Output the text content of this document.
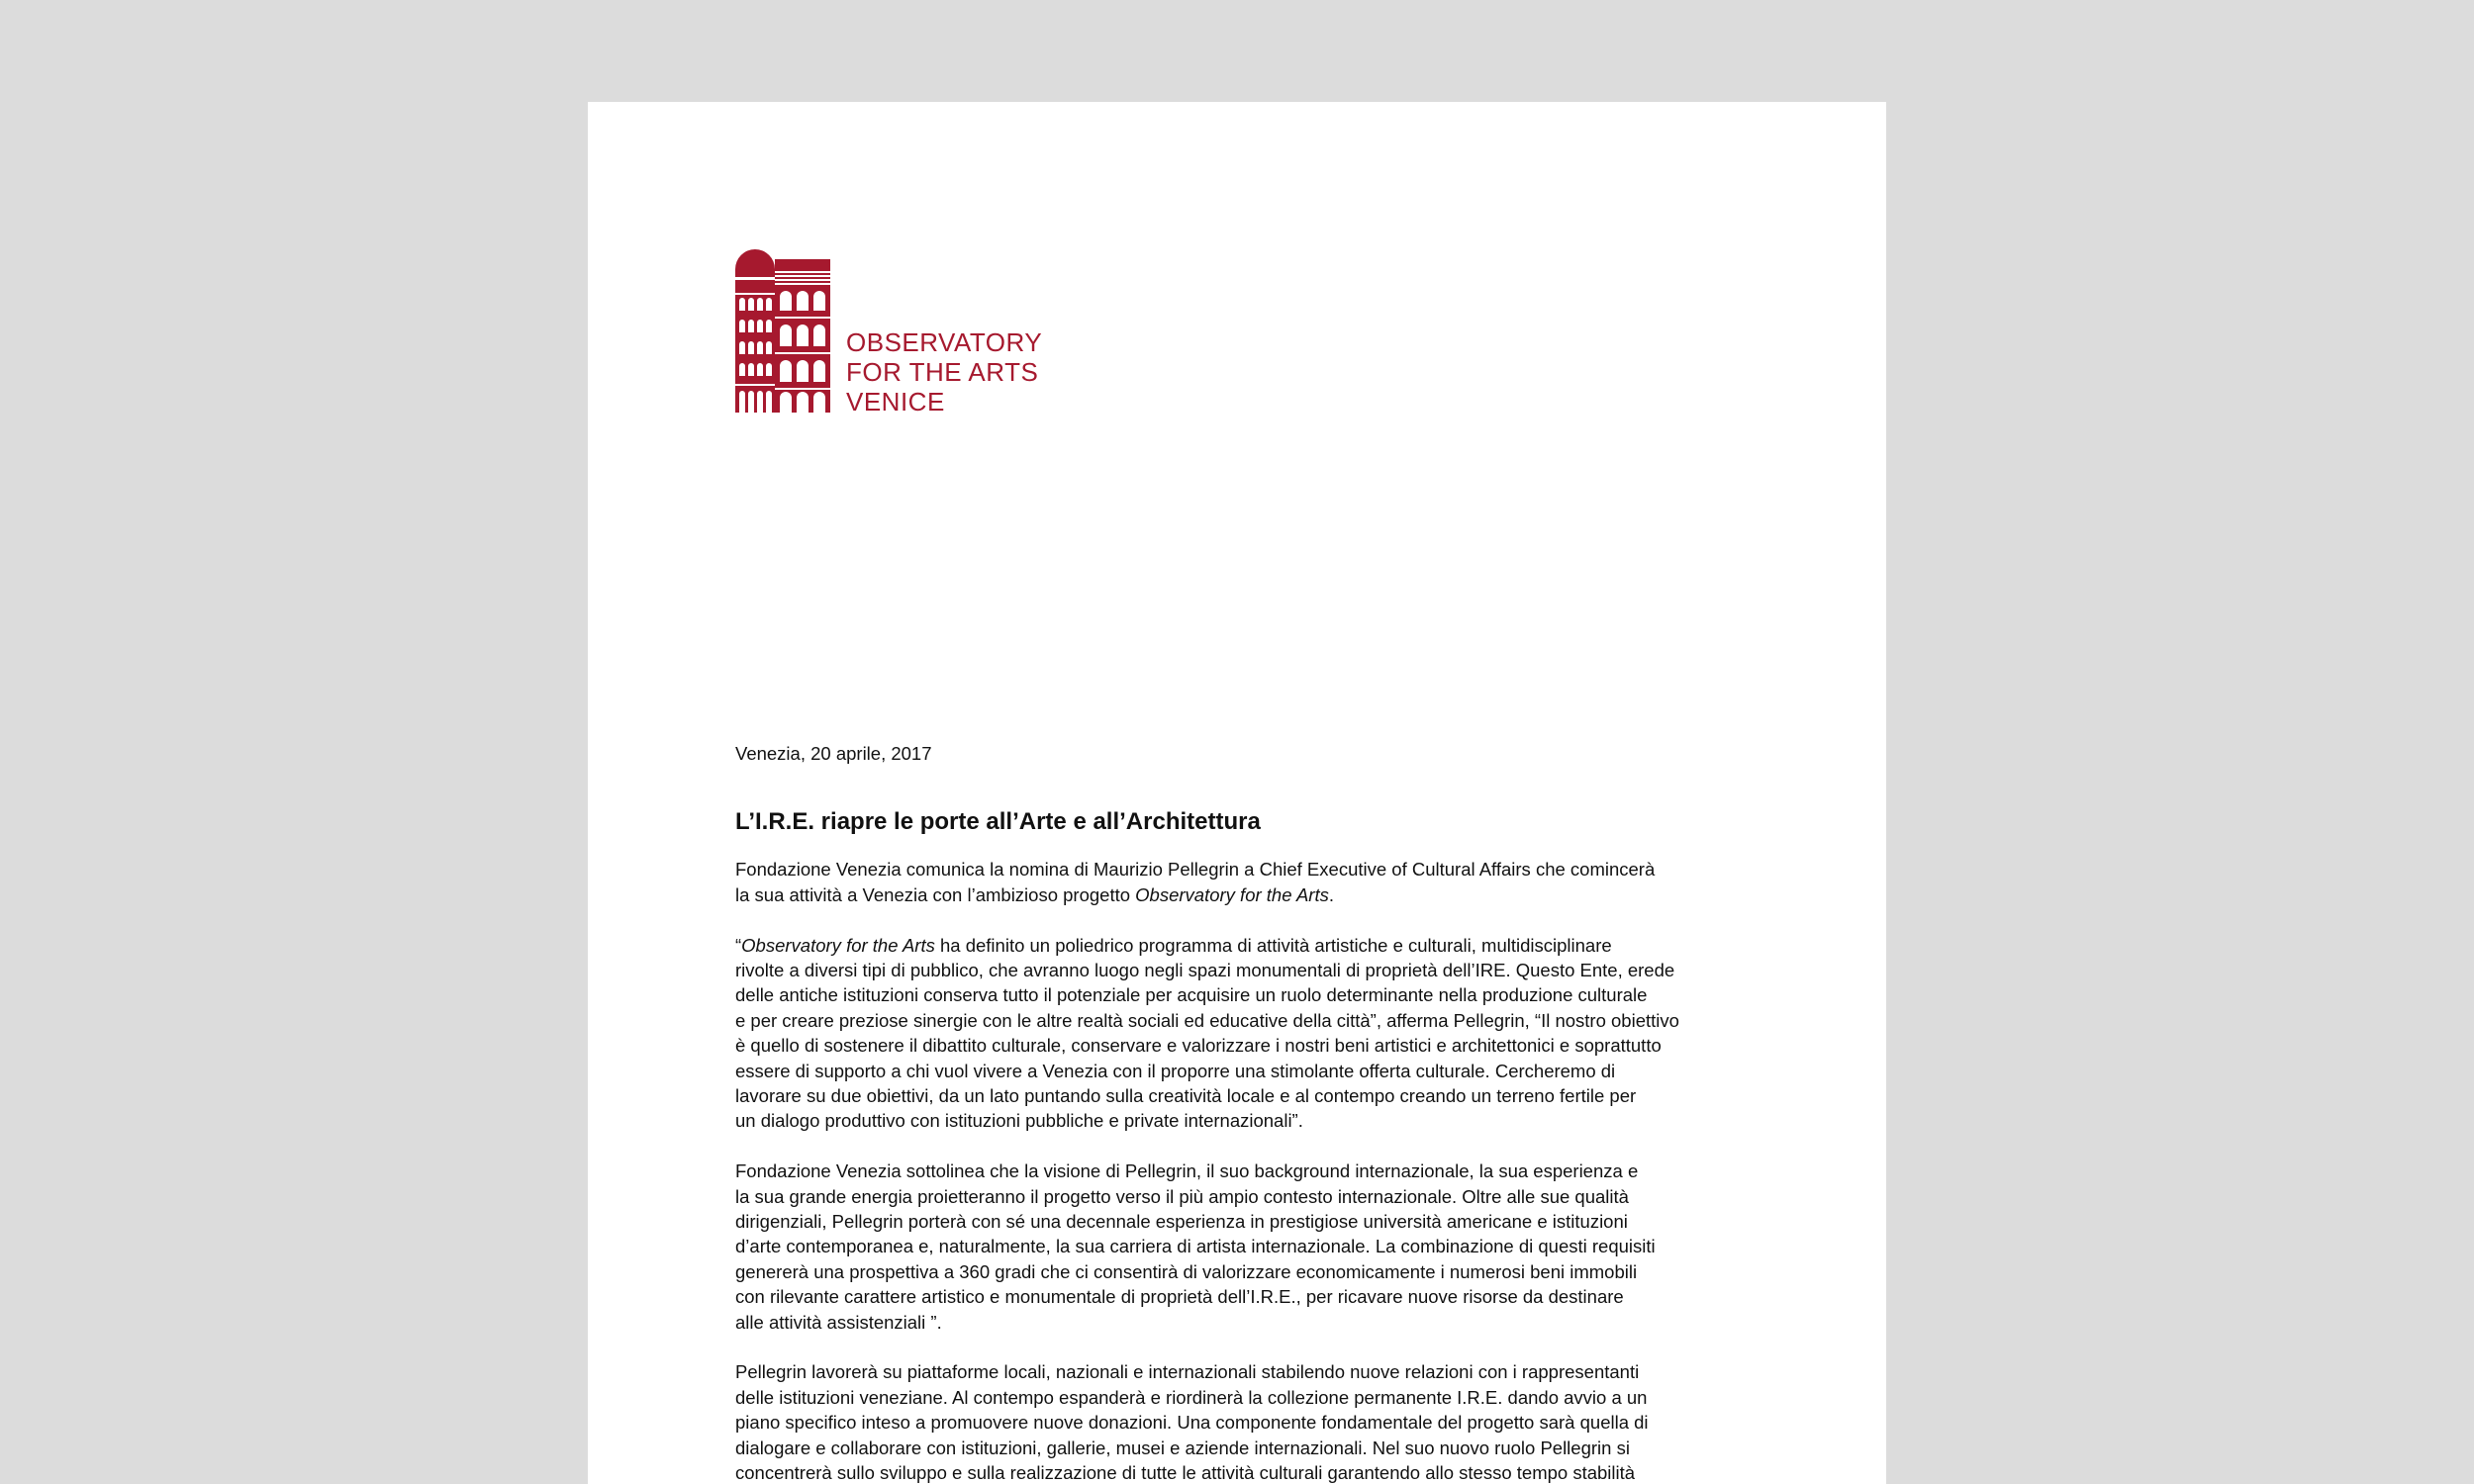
OBSERVATORY
FOR THE ARTS
VENICE
Venezia, 20 aprile, 2017
L’I.R.E. riapre le porte all’Arte e all’Architettura
Fondazione Venezia comunica la nomina di Maurizio Pellegrin a Chief Executive of Cultural Affairs che comincerà
la sua attività a Venezia con l’ambizioso progetto Observatory for the Arts.
“Observatory for the Arts ha definito un poliedrico programma di attività artistiche e culturali, multidisciplinare
rivolte a diversi tipi di pubblico, che avranno luogo negli spazi monumentali di proprietà dell’IRE. Questo Ente, erede
delle antiche istituzioni conserva tutto il potenziale per acquisire un ruolo determinante nella produzione culturale
e per creare preziose sinergie con le altre realtà sociali ed educative della città”, afferma Pellegrin, “Il nostro obiettivo
è quello di sostenere il dibattito culturale, conservare e valorizzare i nostri beni artistici e architettonici e soprattutto
essere di supporto a chi vuol vivere a Venezia con il proporre una stimolante offerta culturale. Cercheremo di
lavorare su due obiettivi, da un lato puntando sulla creatività locale e al contempo creando un terreno fertile per
un dialogo produttivo con istituzioni pubbliche e private internazionali”.
Fondazione Venezia sottolinea che la visione di Pellegrin, il suo background internazionale, la sua esperienza e
la sua grande energia proietteranno il progetto verso il più ampio contesto internazionale. Oltre alle sue qualità
dirigenziali, Pellegrin porterà con sé una decennale esperienza in prestigiose università americane e istituzioni
d’arte contemporanea e, naturalmente, la sua carriera di artista internazionale. La combinazione di questi requisiti
genererà una prospettiva a 360 gradi che ci consentirà di valorizzare economicamente i numerosi beni immobili
con rilevante carattere artistico e monumentale di proprietà dell’I.R.E., per ricavare nuove risorse da destinare
alle attività assistenziali ”.
Pellegrin lavorerà su piattaforme locali, nazionali e internazionali stabilendo nuove relazioni con i rappresentanti
delle istituzioni veneziane. Al contempo espanderà e riordinerà la collezione permanente I.R.E. dando avvio a un
piano specifico inteso a promuovere nuove donazioni. Una componente fondamentale del progetto sarà quella di
dialogare e collaborare con istituzioni, gallerie, musei e aziende internazionali. Nel suo nuovo ruolo Pellegrin si
concentrerà sullo sviluppo e sulla realizzazione di tutte le attività culturali garantendo allo stesso tempo stabilità
